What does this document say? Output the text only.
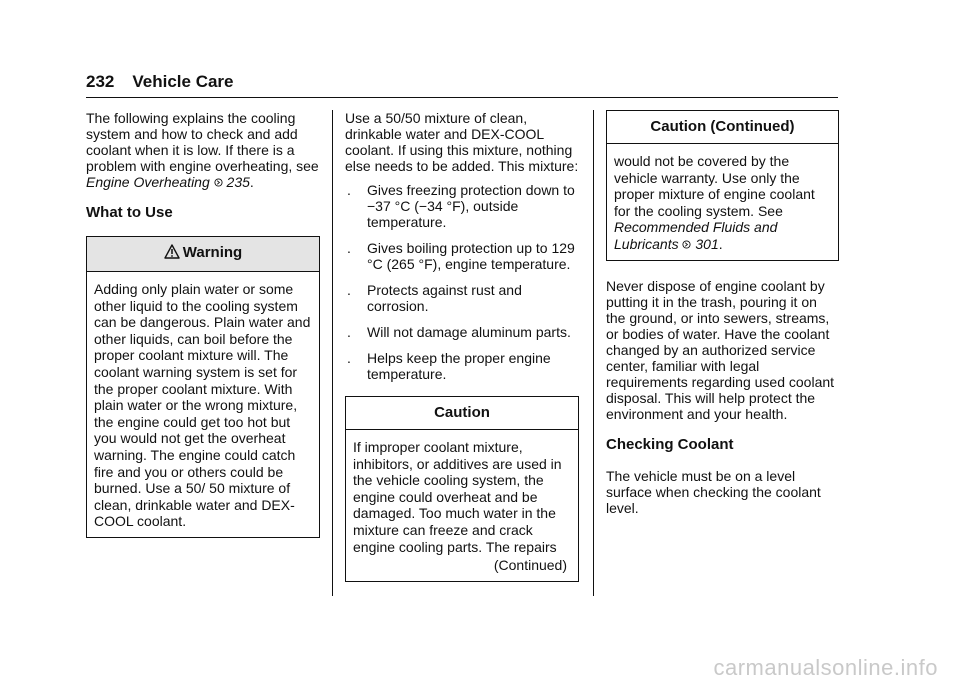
232 Vehicle Care

The following explains the cooling system and how to check and add coolant when it is low. If there is a problem with engine overheating, see Engine Overheating 235.

What to Use
Warning
Adding only plain water or some other liquid to the cooling system can be dangerous. Plain water and other liquids, can boil before the proper coolant mixture will. The coolant warning system is set for the proper coolant mixture. With plain water or the wrong mixture, the engine could get too hot but you would not get the overheat warning. The engine could catch fire and you or others could be burned. Use a 50/ 50 mixture of clean, drinkable water and DEX-COOL coolant.

Use a 50/50 mixture of clean, drinkable water and DEX-COOL coolant. If using this mixture, nothing else needs to be added. This mixture:

. Gives freezing protection down to −37 °C (−34 °F), outside temperature.
. Gives boiling protection up to 129 °C (265 °F), engine temperature.
. Protects against rust and corrosion.
. Will not damage aluminum parts.
. Helps keep the proper engine temperature.
Caution
If improper coolant mixture, inhibitors, or additives are used in the vehicle cooling system, the engine could overheat and be damaged. Too much water in the mixture can freeze and crack engine cooling parts. The repairs
(Continued)
Caution (Continued)
would not be covered by the vehicle warranty. Use only the proper mixture of engine coolant for the cooling system. See Recommended Fluids and Lubricants 301.

Never dispose of engine coolant by putting it in the trash, pouring it on the ground, or into sewers, streams, or bodies of water. Have the coolant changed by an authorized service center, familiar with legal requirements regarding used coolant disposal. This will help protect the environment and your health.

Checking Coolant

The vehicle must be on a level surface when checking the coolant level.

carmanualsonline.info
